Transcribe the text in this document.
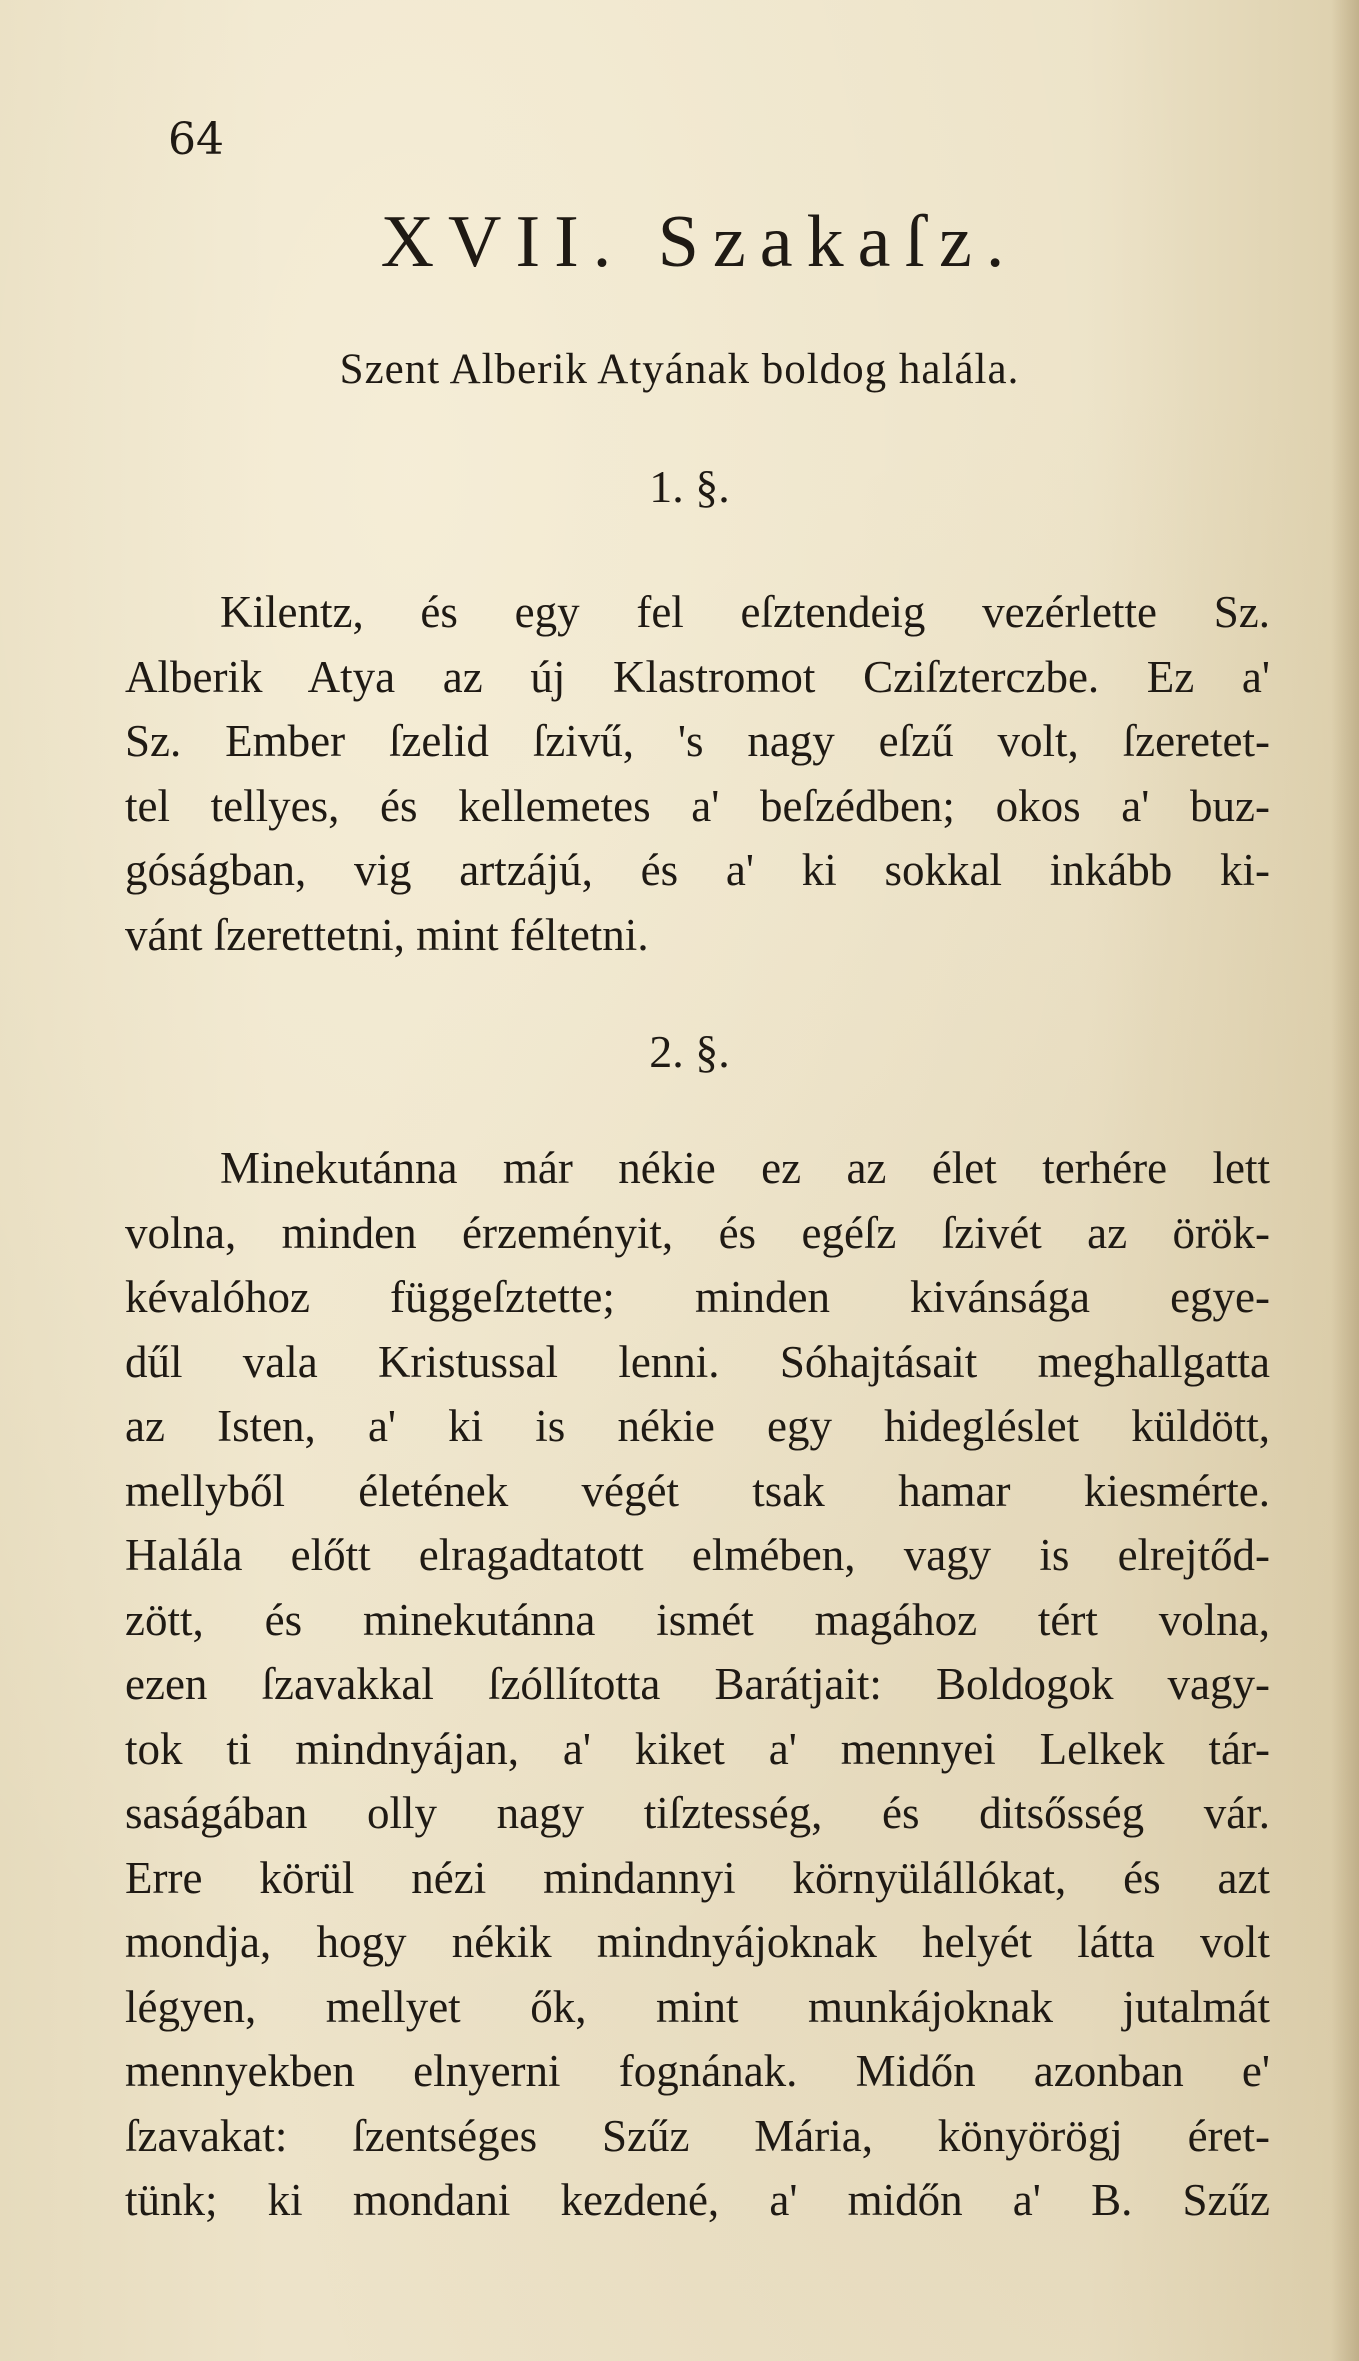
64
XVII. Szakaſz.
Szent Alberik Atyának boldog halála.
1. §.
Kilentz, és egy fel eſztendeig vezérlette Sz.
Alberik Atya az új Klastromot Cziſzterczbe. Ez a'
Sz. Ember ſzelid ſzivű, 's nagy eſzű volt, ſzeretet-
tel tellyes, és kellemetes a' beſzédben; okos a' buz-
góságban, vig artzájú, és a' ki sokkal inkább ki-
vánt ſzerettetni, mint féltetni.
2. §.
Minekutánna már nékie ez az élet terhére lett
volna, minden érzeményit, és egéſz ſzivét az örök-
kévalóhoz függeſztette; minden kivánsága egye-
dűl vala Kristussal lenni. Sóhajtásait meghallgatta
az Isten, a' ki is nékie egy hidegléslet küldött,
mellyből életének végét tsak hamar kiesmérte.
Halála előtt elragadtatott elmében, vagy is elrejtőd-
zött, és minekutánna ismét magához tért volna,
ezen ſzavakkal ſzóllította Barátjait: Boldogok vagy-
tok ti mindnyájan, a' kiket a' mennyei Lelkek tár-
saságában olly nagy tiſztesség, és ditsősség vár.
Erre körül nézi mindannyi környülállókat, és azt
mondja, hogy nékik mindnyájoknak helyét látta volt
légyen, mellyet ők, mint munkájoknak jutalmát
mennyekben elnyerni fognának. Midőn azonban e'
ſzavakat: ſzentséges Szűz Mária, könyörögj éret-
tünk; ki mondani kezdené, a' midőn a' B. Szűz
